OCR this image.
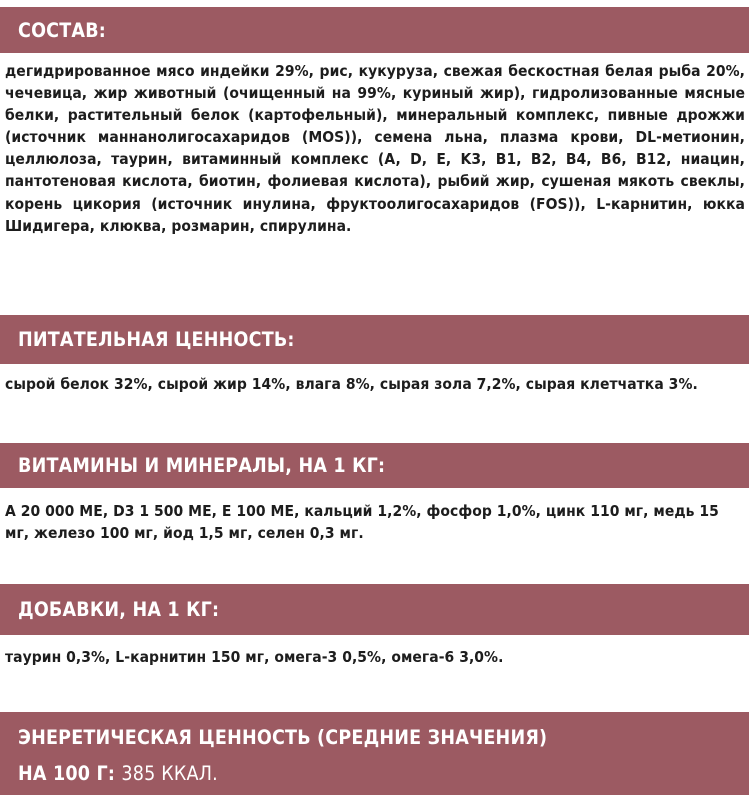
СОСТАВ:

дегидрированное мясо индейки 29%, рис, кукуруза, свежая бескостная белая рыба 20%, чечевица, жир животный (очищенный на 99%, куриный жир), гидролизованные мясные белки, растительный белок (картофельный), минеральный комплекс, пивные дрожжи (источник маннанолигосахаридов (MOS)), семена льна, плазма крови, DL-метионин, целлюлоза, таурин, витаминный комплекс (A, D, E, K3, B1, B2, B4, B6, B12, ниацин, пантотеновая кислота, биотин, фолиевая кислота), рыбий жир, сушеная мякоть свеклы, корень цикория (источник инулина, фруктоолигосахаридов (FOS)), L-карнитин, юкка Шидигера, клюква, розмарин, спирулина.

ПИТАТЕЛЬНАЯ ЦЕННОСТЬ:

сырой белок 32%, сырой жир 14%, влага 8%, сырая зола 7,2%, сырая клетчатка 3%.

ВИТАМИНЫ И МИНЕРАЛЫ, НА 1 КГ:

A 20 000 МЕ, D3 1 500 МЕ, E 100 МЕ, кальций 1,2%, фосфор 1,0%, цинк 110 мг, медь 15 мг, железо 100 мг, йод 1,5 мг, селен 0,3 мг.

ДОБАВКИ, НА 1 КГ:

таурин 0,3%, L-карнитин 150 мг, омега-3 0,5%, омега-6 3,0%.

ЭНЕРЕТИЧЕСКАЯ ЦЕННОСТЬ (СРЕДНИЕ ЗНАЧЕНИЯ)
НА 100 Г: 385 ККАЛ.
